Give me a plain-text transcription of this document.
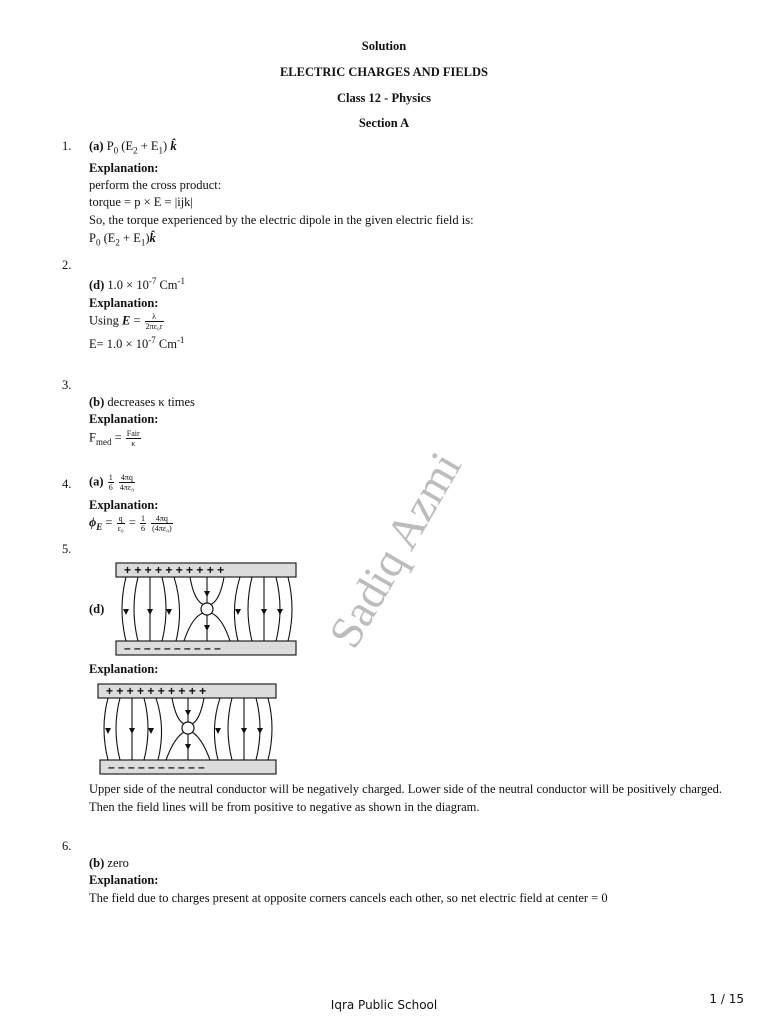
Sadiq Azmi
Solution
ELECTRIC CHARGES AND FIELDS
Class 12 - Physics
Section A
1. (a) $P_0$ $(E_2 + E_1)$ k̂
Explanation:
perform the cross product:
torque = p × E = |ijk|
So, the torque experienced by the electric dipole in the given electric field is:
$P_0$ ($E_2$ + $E_1)k̂$
2.
(d) $1.0 \times 10^{-7}$ $Cm^{-1}$
Explanation:
Using $E = \frac{\lambda}{\text{2πε₀r}}$
$E= 1.0 \times 10^{-7}$ $Cm^{-1}$
3.
(b) decreases κ times
Explanation:
$F_{med} = \frac{\text{Fair}}{\kappa}$
4. $(a) \frac{1}{6}$
$\frac{4\pi q}{\text{4πε₀}}$
Explanation:
$\phi_E = \frac{q}{\text{ε₀}} = \frac{1}{6}$
$\frac{4\pi q}{\text{(4πε₀)}}$
5.
(d)
+ + + + + + + + + +
– – – – – – – – – –
Explanation:
+ + + + + + + + + +
– – – – – – – – – –
Upper side of the neutral conductor will be negatively charged. Lower side of the neutral conductor will be positively charged.
Then the field lines will be from positive to negative as shown in the diagram.
6.
(b) zero
Explanation:
The field due to charges present at opposite corners cancels each other, so net electric field at center = 0
Iqra Public School	1 / 15
